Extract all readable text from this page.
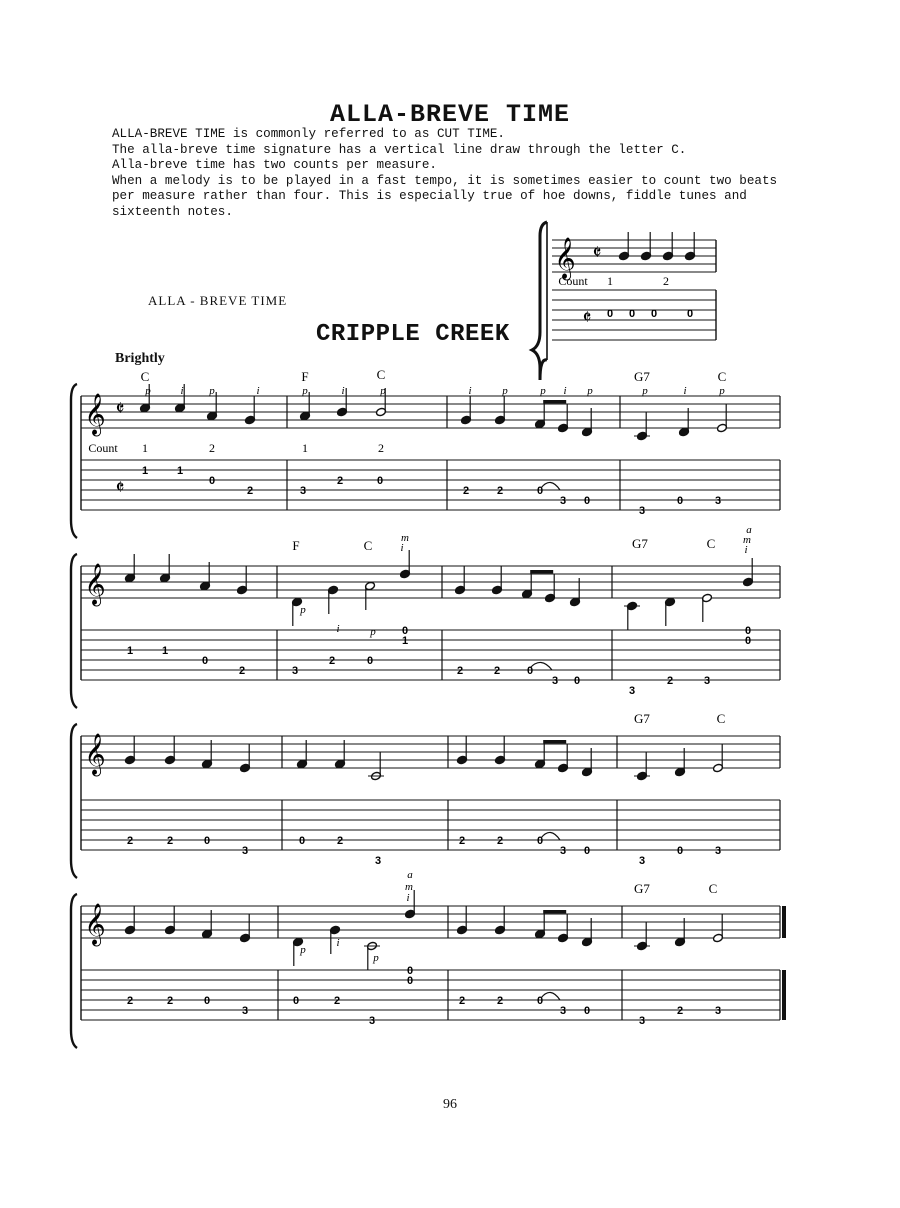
ALLA-BREVE TIME

ALLA-BREVE TIME is commonly referred to as CUT TIME.

The alla-breve time signature has a vertical line draw through the letter C.

Alla-breve time has two counts per measure.

When a melody is to be played in a fast tempo, it is sometimes easier to count two beats per measure rather than four. This is especially true of hoe downs, fiddle tunes and sixteenth notes.

ALLA - BREVE TIME
CRIPPLE CREEK
Brightly
96
𝄞 𝄵
Count 1	2
𝄵 0 0 0	0
𝄞
𝄞
𝄞
𝄞
𝄵
𝄵
Count 1	2	1	2
C	F	C	G7	C
p	i p	i	p	i	p	i	p	p i p	p	i	p
1	1
0
2	3
2	0
2	2	0
3 0
3
0	3
F	C	G7	C
m
i
a
m
i
p
i	p
1	1
0
2	3
2	0
0
1
2	2 0
3 0
3
2	3
0
0
G7	C
2	2	0
3
0	2
3
2	2	0
3 0
3
0	3
G7	C
a
m
i
p
i
p
2	2	0
3
0	2
3
0
0
2	2	0
3 0
3
2	3
